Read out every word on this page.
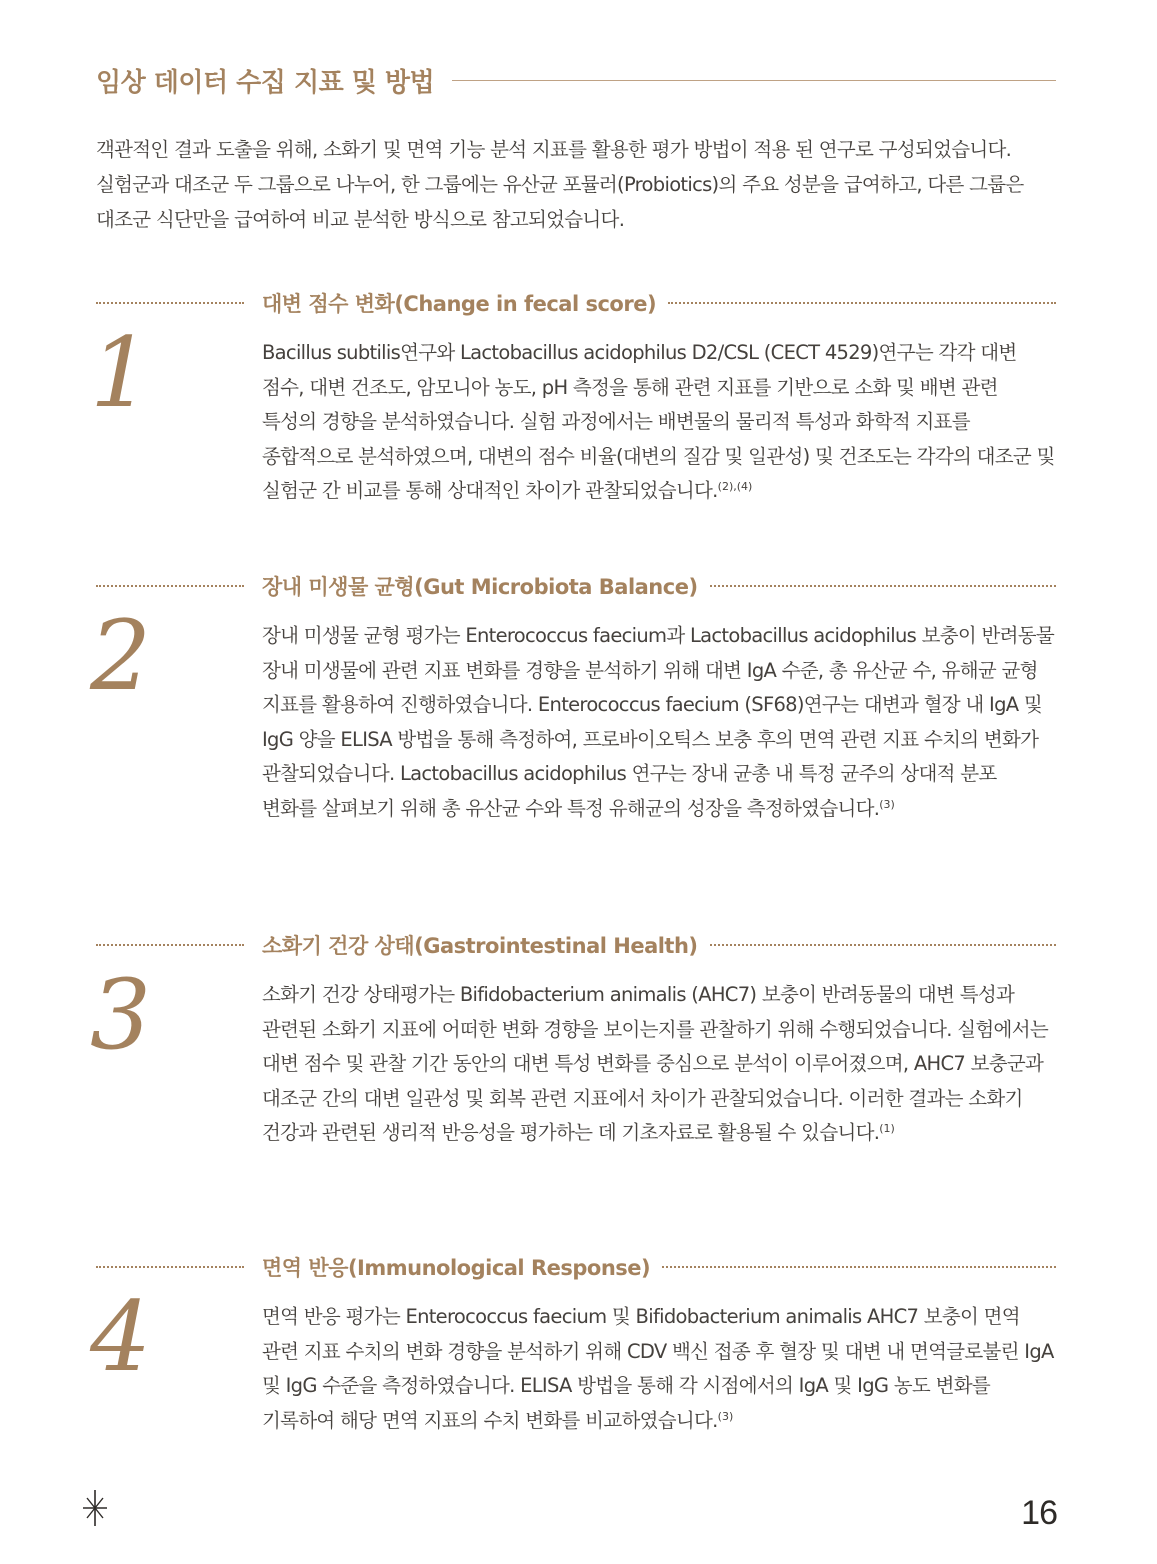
임상 데이터 수집 지표 및 방법
객관적인 결과 도출을 위해, 소화기 및 면역 기능 분석 지표를 활용한 평가 방법이 적용 된 연구로 구성되었습니다. 실험군과 대조군 두 그룹으로 나누어, 한 그룹에는 유산균 포뮬러(Probiotics)의 주요 성분을 급여하고, 다른 그룹은 대조군 식단만을 급여하여 비교 분석한 방식으로 참고되었습니다.
대변 점수 변화(Change in fecal score)
1	Bacillus subtilis연구와 Lactobacillus acidophilus D2/CSL (CECT 4529)연구는 각각 대변 점수, 대변 건조도, 암모니아 농도, pH 측정을 통해 관련 지표를 기반으로 소화 및 배변 관련 특성의 경향을 분석하였습니다. 실험 과정에서는 배변물의 물리적 특성과 화학적 지표를 종합적으로 분석하였으며, 대변의 점수 비율(대변의 질감 및 일관성) 및 건조도는 각각의 대조군 및 실험군 간 비교를 통해 상대적인 차이가 관찰되었습니다.$^{(2),(4)}$
장내 미생물 균형(Gut Microbiota Balance)
2	장내 미생물 균형 평가는 Enterococcus faecium과 Lactobacillus acidophilus 보충이 반려동물 장내 미생물에 관련 지표 변화를 경향을 분석하기 위해 대변 IgA 수준, 총 유산균 수, 유해균 균형 지표를 활용하여 진행하였습니다. Enterococcus faecium (SF68)연구는 대변과 혈장 내 IgA 및 IgG 양을 ELISA 방법을 통해 측정하여, 프로바이오틱스 보충 후의 면역 관련 지표 수치의 변화가 관찰되었습니다. Lactobacillus acidophilus 연구는 장내 균총 내 특정 균주의 상대적 분포 변화를 살펴보기 위해 총 유산균 수와 특정 유해균의 성장을 측정하였습니다.$^{(3)}$
소화기 건강 상태(Gastrointestinal Health)
3	소화기 건강 상태평가는 Bifidobacterium animalis (AHC7) 보충이 반려동물의 대변 특성과 관련된 소화기 지표에 어떠한 변화 경향을 보이는지를 관찰하기 위해 수행되었습니다. 실험에서는 대변 점수 및 관찰 기간 동안의 대변 특성 변화를 중심으로 분석이 이루어졌으며, AHC7 보충군과 대조군 간의 대변 일관성 및 회복 관련 지표에서 차이가 관찰되었습니다. 이러한 결과는 소화기 건강과 관련된 생리적 반응성을 평가하는 데 기초자료로 활용될 수 있습니다.$^{(1)}$
면역 반응(Immunological Response)
4	면역 반응 평가는 Enterococcus faecium 및 Bifidobacterium animalis AHC7 보충이 면역 관련 지표 수치의 변화 경향을 분석하기 위해 CDV 백신 접종 후 혈장 및 대변 내 면역글로불린 IgA 및 IgG 수준을 측정하였습니다. ELISA 방법을 통해 각 시점에서의 IgA 및 IgG 농도 변화를 기록하여 해당 면역 지표의 수치 변화를 비교하였습니다.$^{(3)}$
16
